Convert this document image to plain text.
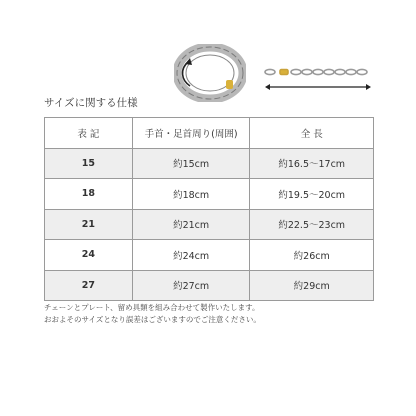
サイズに関する仕様
表 記	手首・足首周り(周囲)	全 長
15	約15cm	約16.5〜17cm
18	約18cm	約19.5〜20cm
21	約21cm	約22.5〜23cm
24	約24cm	約26cm
27	約27cm	約29cm
チェーンとプレート、留め具類を組み合わせて製作いたします。
おおよそのサイズとなり誤差はございますのでご注意ください。
